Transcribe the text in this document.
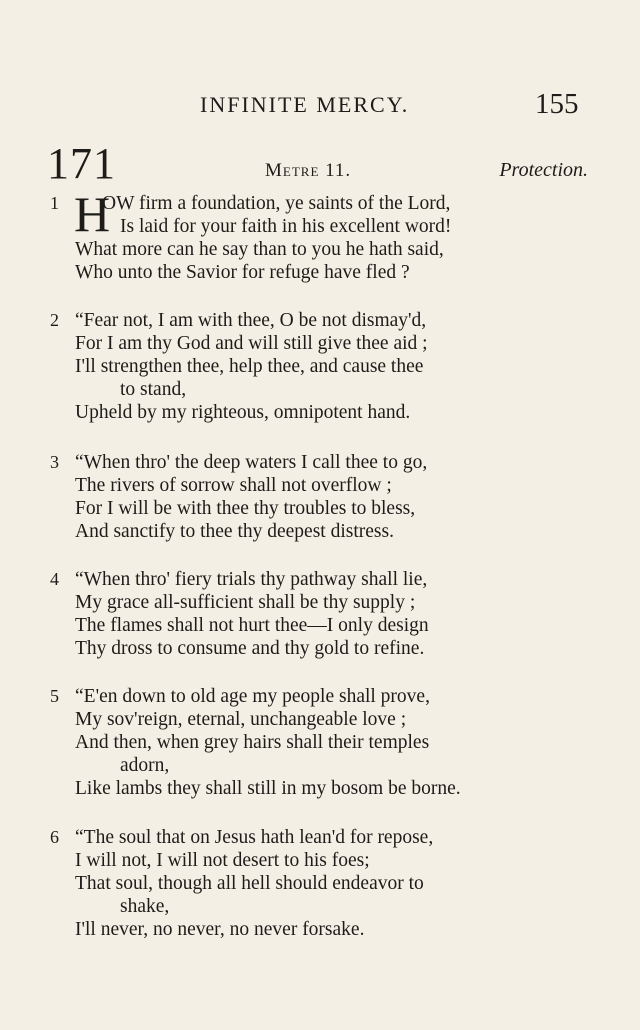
INFINITE MERCY.	155
171	Metre 11.	Protection.
1 H
OW firm a foundation, ye saints of the Lord,
Is laid for your faith in his excellent word!
What more can he say than to you he hath said,
Who unto the Savior for refuge have fled ?
2 “Fear not, I am with thee, O be not dismay'd,
For I am thy God and will still give thee aid ;
I'll strengthen thee, help thee, and cause thee
to stand,
Upheld by my righteous, omnipotent hand.
3 “When thro' the deep waters I call thee to go,
The rivers of sorrow shall not overflow ;
For I will be with thee thy troubles to bless,
And sanctify to thee thy deepest distress.
4 “When thro' fiery trials thy pathway shall lie,
My grace all-sufficient shall be thy supply ;
The flames shall not hurt thee—I only design
Thy dross to consume and thy gold to refine.
5 “E'en down to old age my people shall prove,
My sov'reign, eternal, unchangeable love ;
And then, when grey hairs shall their temples
adorn,
Like lambs they shall still in my bosom be borne.
6 “The soul that on Jesus hath lean'd for repose,
I will not, I will not desert to his foes;
That soul, though all hell should endeavor to
shake,
I'll never, no never, no never forsake.
